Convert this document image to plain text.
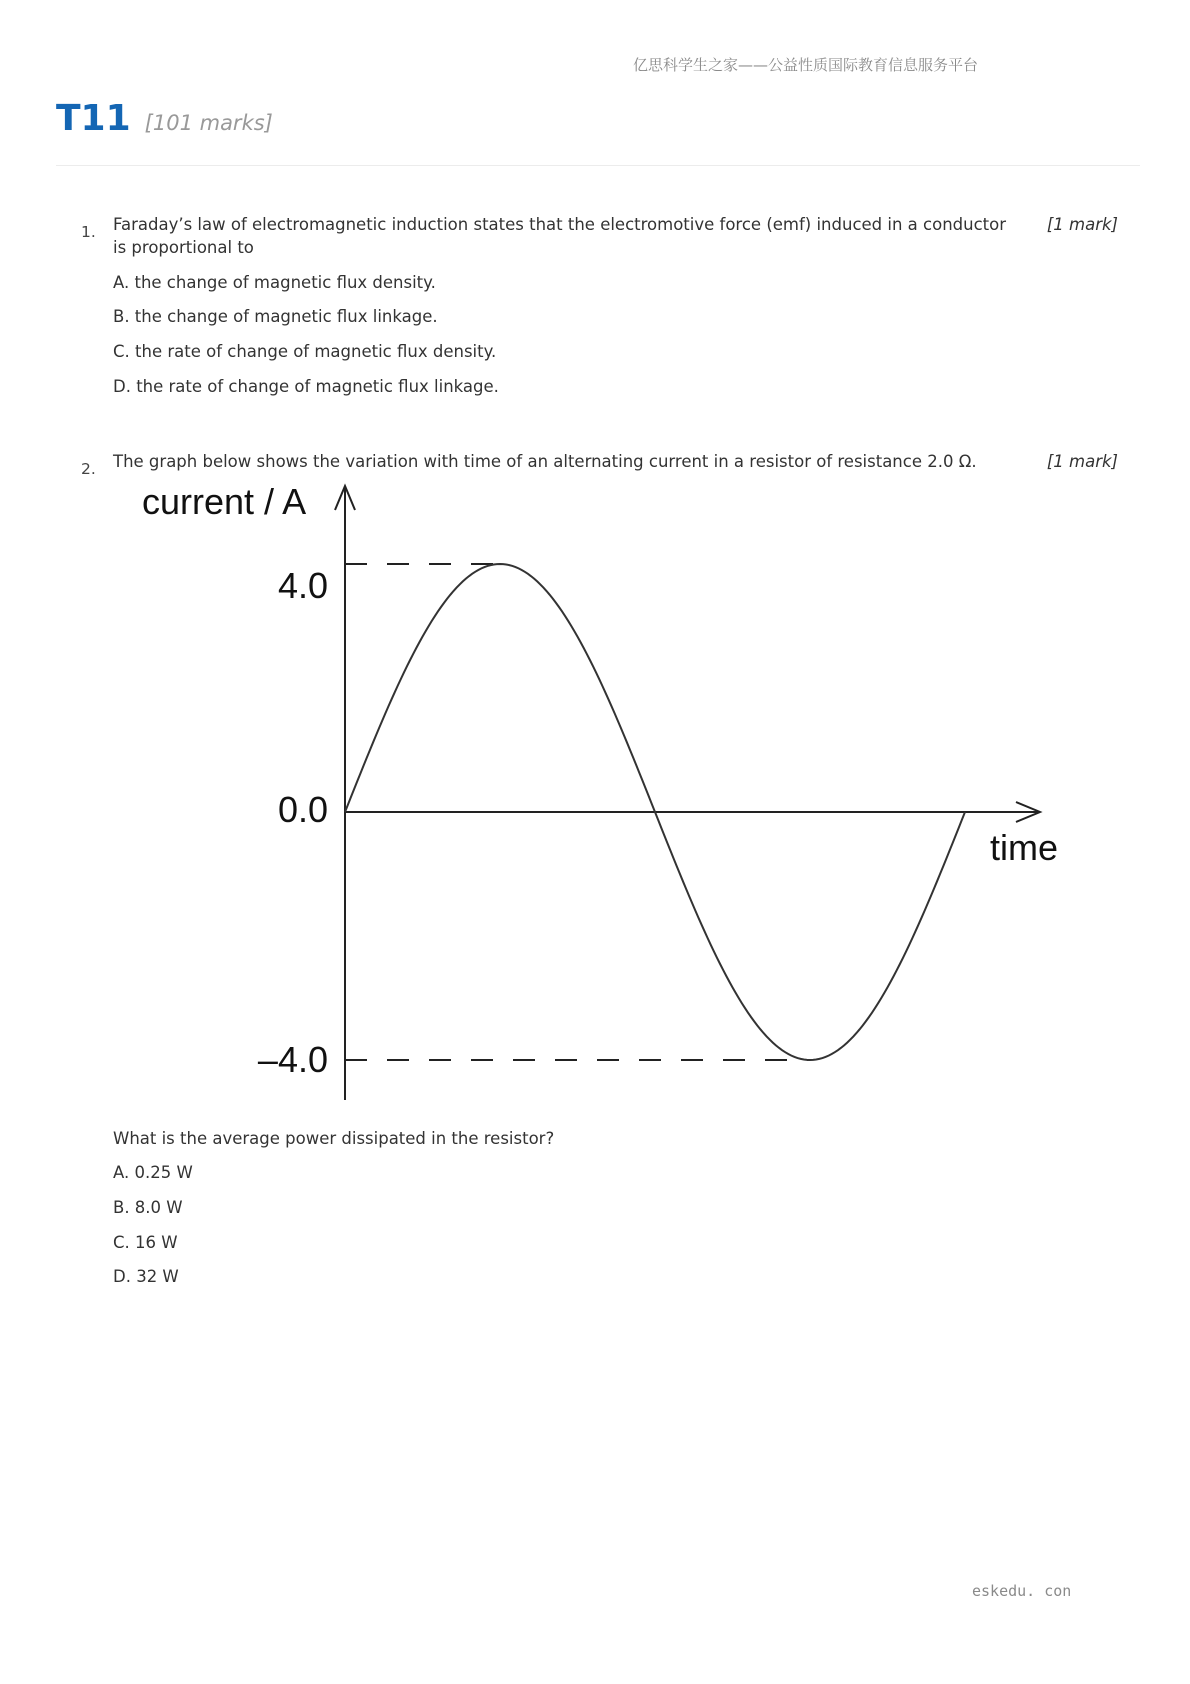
亿思科学生之家——公益性质国际教育信息服务平台
T11 [101 marks]
1. Faraday’s law of electromagnetic induction states that the electromotive force (emf) induced in a conductor is proportional to
[1 mark]
A. the change of magnetic flux density.
B. the change of magnetic flux linkage.
C. the rate of change of magnetic flux density.
D. the rate of change of magnetic flux linkage.
2. The graph below shows the variation with time of an alternating current in a resistor of resistance 2.0 Ω.	[1 mark]
current / A
time
4.0
0.0
–4.0
What is the average power dissipated in the resistor?
A. 0.25 W
B. 8.0 W
C. 16 W
D. 32 W
eskedu. con
